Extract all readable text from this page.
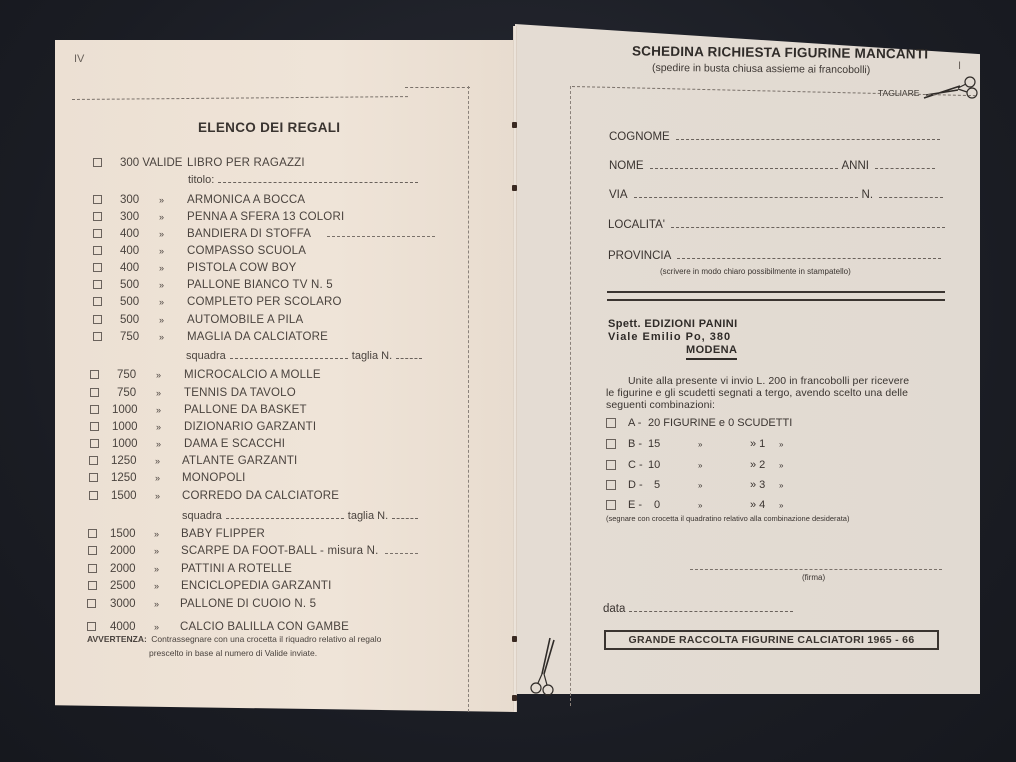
IV
ELENCO DEI REGALI
300 VALIDE LIBRO PER RAGAZZI
titolo:
300	» ARMONICA A BOCCA
300	» PENNA A SFERA 13 COLORI
400	» BANDIERA DI STOFFA
400	» COMPASSO SCUOLA
400	» PISTOLA COW BOY
500	» PALLONE BIANCO TV N. 5
500	» COMPLETO PER SCOLARO
500	» AUTOMOBILE A PILA
750	» MAGLIA DA CALCIATORE
squadra	taglia N.
750	» MICROCALCIO A MOLLE
750	» TENNIS DA TAVOLO
1000	» PALLONE DA BASKET
1000	» DIZIONARIO GARZANTI
1000	» DAMA E SCACCHI
1250	» ATLANTE GARZANTI
1250	» MONOPOLI
1500	» CORREDO DA CALCIATORE
squadra	taglia N.
1500	» BABY FLIPPER
2000	» SCARPE DA FOOT-BALL - misura N.
2000	» PATTINI A ROTELLE
2500	» ENCICLOPEDIA GARZANTI
3000	» PALLONE DI CUOIO N. 5
4000	» CALCIO BALILLA CON GAMBE
AVVERTENZA: Contrassegnare con una crocetta il riquadro relativo al regalo
prescelto in base al numero di Valide inviate.
SCHEDINA RICHIESTA FIGURINE MANCANTI
(spedire in busta chiusa assieme ai francobolli)	I
TAGLIARE
COGNOME
NOME	ANNI
VIA	N.
LOCALITA'
PROVINCIA
(scrivere in modo chiaro possibilmente in stampatello)
Spett. EDIZIONI PANINI
Viale Emilio Po, 380
MODENA
Unite alla presente vi invio L. 200 in francobolli per ricevere
le figurine e gli scudetti segnati a tergo, avendo scelto una delle
seguenti combinazioni:
A - 20 FIGURINE e 0 SCUDETTI
B - 15	»	» 1 »
C - 10	»	» 2 »
D - 5	»	» 3 »
E - 0	»	» 4 »
(segnare con crocetta il quadratino relativo alla combinazione desiderata)
(firma)
data
GRANDE RACCOLTA FIGURINE CALCIATORI 1965 - 66
